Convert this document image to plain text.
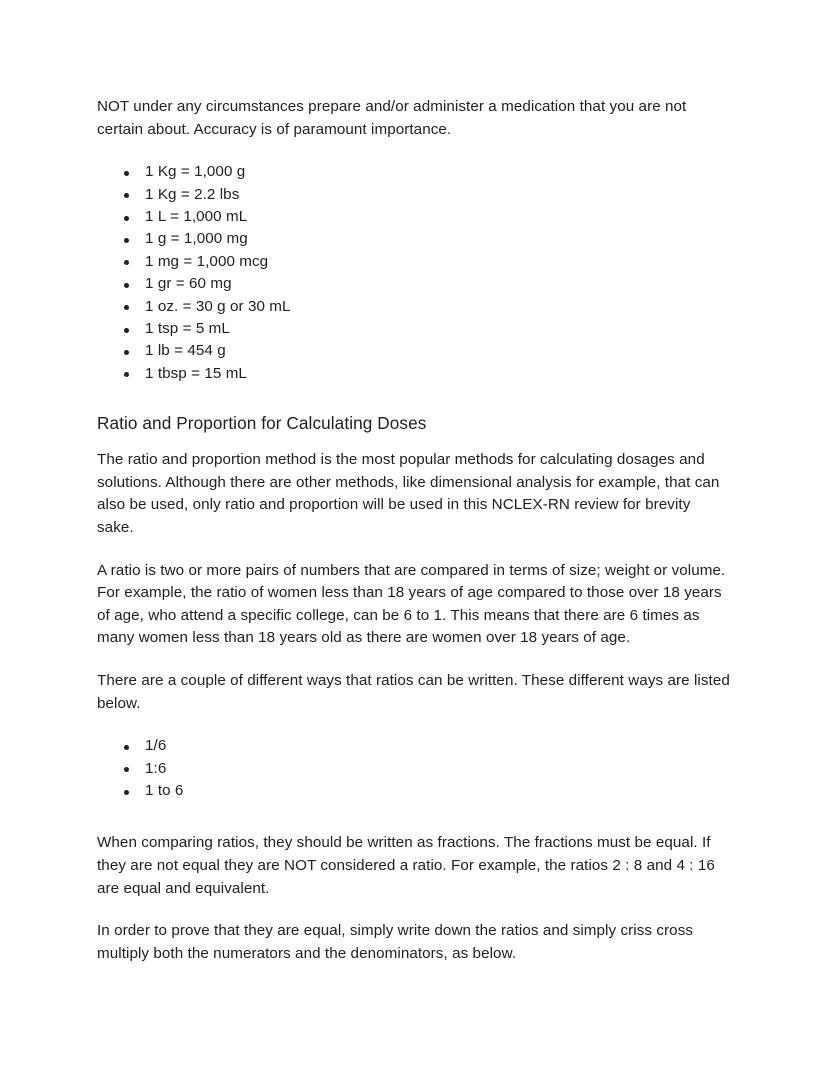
NOT under any circumstances prepare and/or administer a medication that you are not certain about. Accuracy is of paramount importance.

1 Kg = 1,000 g
1 Kg = 2.2 lbs
1 L = 1,000 mL
1 g = 1,000 mg
1 mg = 1,000 mcg
1 gr = 60 mg
1 oz. = 30 g or 30 mL
1 tsp = 5 mL
1 lb = 454 g
1 tbsp = 15 mL
Ratio and Proportion for Calculating Doses

The ratio and proportion method is the most popular methods for calculating dosages and solutions. Although there are other methods, like dimensional analysis for example, that can also be used, only ratio and proportion will be used in this NCLEX-RN review for brevity sake.

A ratio is two or more pairs of numbers that are compared in terms of size; weight or volume. For example, the ratio of women less than 18 years of age compared to those over 18 years of age, who attend a specific college, can be 6 to 1. This means that there are 6 times as many women less than 18 years old as there are women over 18 years of age.

There are a couple of different ways that ratios can be written. These different ways are listed below.

1/6
1:6
1 to 6

When comparing ratios, they should be written as fractions. The fractions must be equal. If they are not equal they are NOT considered a ratio. For example, the ratios 2 : 8 and 4 : 16 are equal and equivalent.

In order to prove that they are equal, simply write down the ratios and simply criss cross multiply both the numerators and the denominators, as below.
